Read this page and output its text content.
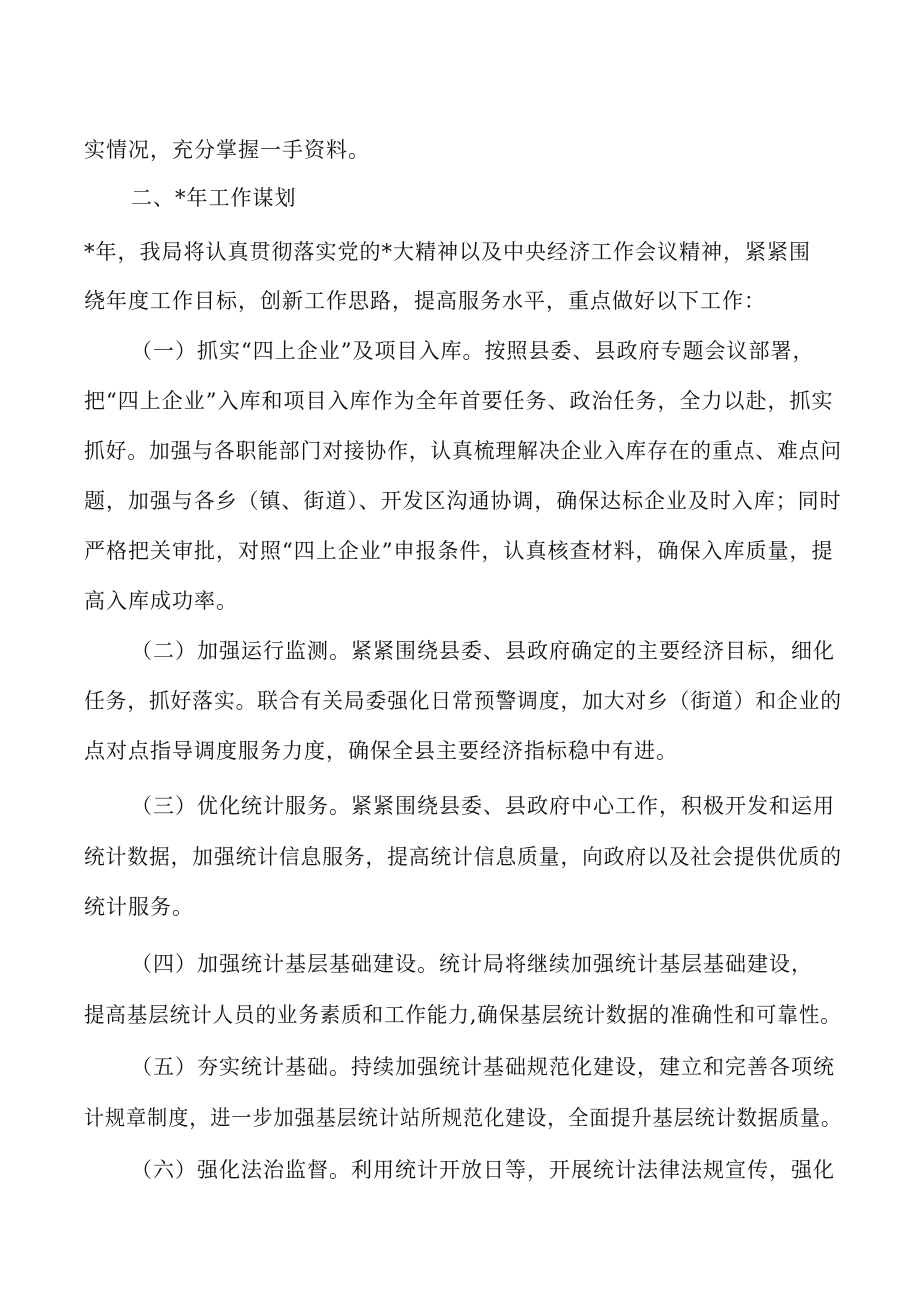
实情况，充分掌握一手资料。
二、*年工作谋划
*年，我局将认真贯彻落实党的*大精神以及中央经济工作会议精神，紧紧围
绕年度工作目标，创新工作思路，提高服务水平，重点做好以下工作：
（一）抓实“四上企业”及项目入库。按照县委、县政府专题会议部署，
把“四上企业”入库和项目入库作为全年首要任务、政治任务，全力以赴，抓实
抓好。加强与各职能部门对接协作，认真梳理解决企业入库存在的重点、难点问
题，加强与各乡（镇、街道）、开发区沟通协调，确保达标企业及时入库；同时
严格把关审批，对照“四上企业”申报条件，认真核查材料，确保入库质量，提
高入库成功率。
（二）加强运行监测。紧紧围绕县委、县政府确定的主要经济目标，细化
任务，抓好落实。联合有关局委强化日常预警调度，加大对乡（街道）和企业的
点对点指导调度服务力度，确保全县主要经济指标稳中有进。
（三）优化统计服务。紧紧围绕县委、县政府中心工作，积极开发和运用
统计数据，加强统计信息服务，提高统计信息质量，向政府以及社会提供优质的
统计服务。
（四）加强统计基层基础建设。统计局将继续加强统计基层基础建设，
提高基层统计人员的业务素质和工作能力,确保基层统计数据的准确性和可靠性。
（五）夯实统计基础。持续加强统计基础规范化建设，建立和完善各项统
计规章制度，进一步加强基层统计站所规范化建设，全面提升基层统计数据质量。
（六）强化法治监督。利用统计开放日等，开展统计法律法规宣传，强化
